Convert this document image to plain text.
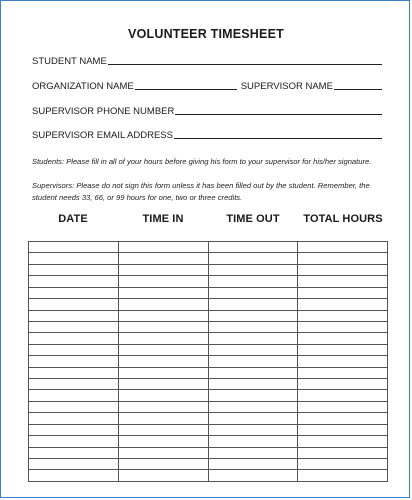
VOLUNTEER TIMESHEET
STUDENT NAME
ORGANIZATION NAME	SUPERVISOR NAME
SUPERVISOR PHONE NUMBER
SUPERVISOR EMAIL ADDRESS
Students: Please fill in all of your hours before giving his form to your supervisor for his/her signature.
Supervisors: Please do not sign this form unless it has been filled out by the student. Remember, the
student needs 33, 66, or 99 hours for one, two or three credits.
DATE	TIME IN	TIME OUT	TOTAL HOURS
